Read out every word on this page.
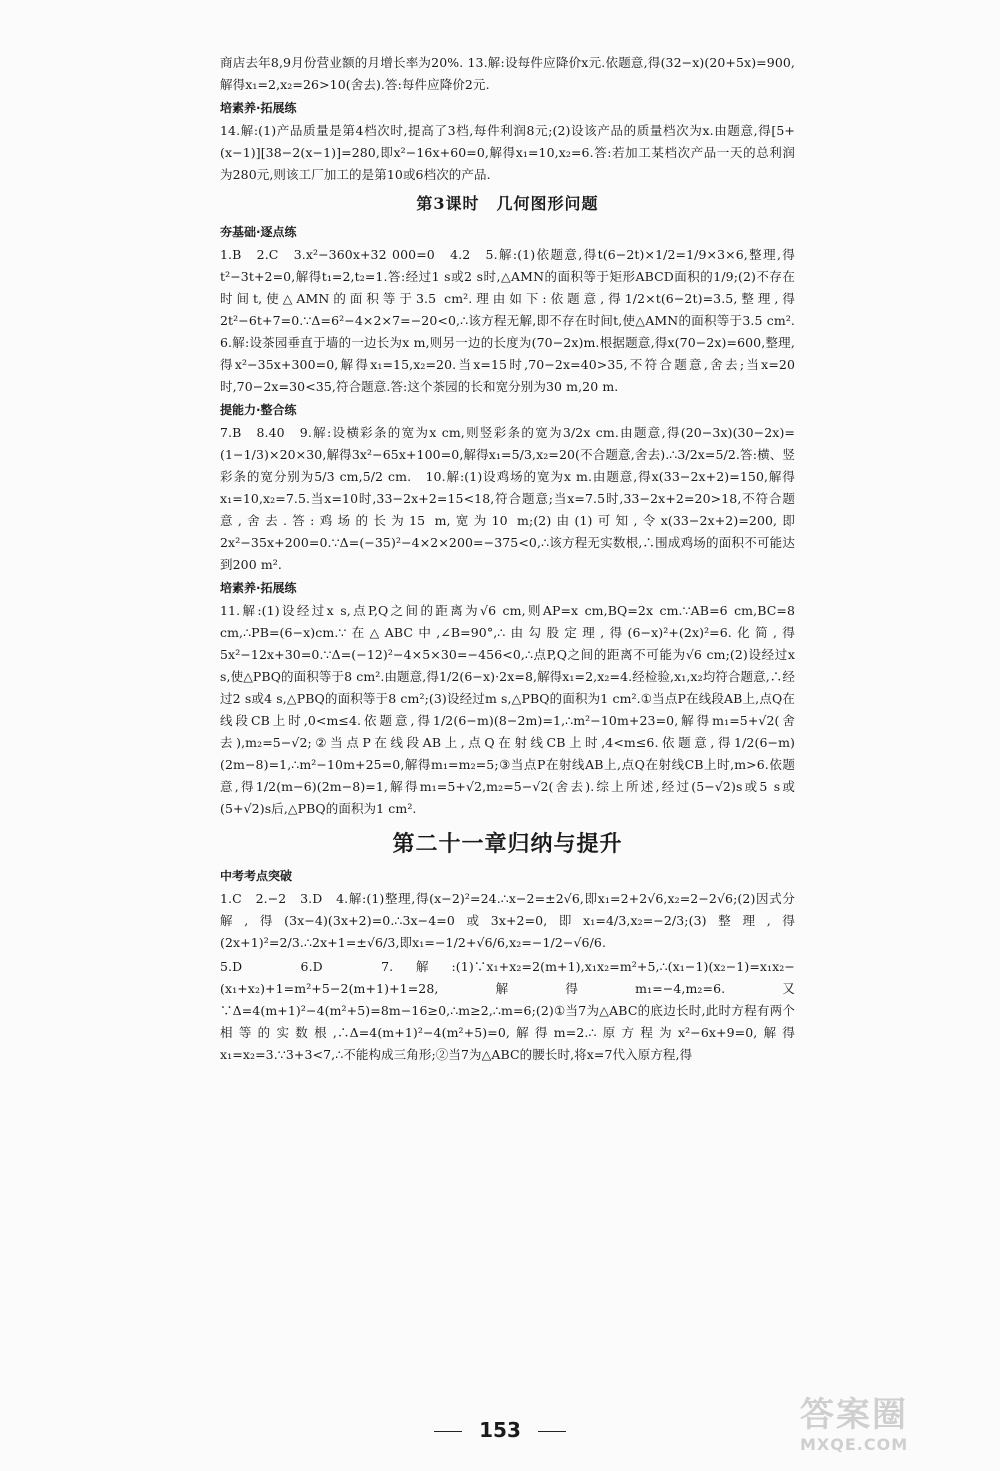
商店去年8,9月份营业额的月增长率为20%. 13.解:设每件应降价x元.依题意,得(32−x)(20+5x)=900,解得x₁=2,x₂=26>10(舍去).答:每件应降价2元.
培素养·拓展练
14.解:(1)产品质量是第4档次时,提高了3档,每件利润8元;(2)设该产品的质量档次为x.由题意,得[5+(x−1)][38−2(x−1)]=280,即x²−16x+60=0,解得x₁=10,x₂=6.答:若加工某档次产品一天的总利润为280元,则该工厂加工的是第10或6档次的产品.
第3课时　几何图形问题
夯基础·逐点练
1.B　2.C　3.x²−360x+32 000=0　4.2　5.解:(1)依题意,得t(6−2t)×1/2=1/9×3×6,整理,得t²−3t+2=0,解得t₁=2,t₂=1.答:经过1 s或2 s时,△AMN的面积等于矩形ABCD面积的1/9;(2)不存在时间t,使△AMN的面积等于3.5 cm².理由如下:依题意,得1/2×t(6−2t)=3.5,整理,得2t²−6t+7=0.∵Δ=6²−4×2×7=−20<0,∴该方程无解,即不存在时间t,使△AMN的面积等于3.5 cm².　6.解:设茶园垂直于墙的一边长为x m,则另一边的长度为(70−2x)m.根据题意,得x(70−2x)=600,整理,得x²−35x+300=0,解得x₁=15,x₂=20.当x=15时,70−2x=40>35,不符合题意,舍去;当x=20时,70−2x=30<35,符合题意.答:这个茶园的长和宽分别为30 m,20 m.
提能力·整合练
7.B　8.40　9.解:设横彩条的宽为x cm,则竖彩条的宽为3/2x cm.由题意,得(20−3x)(30−2x)=(1−1/3)×20×30,解得3x²−65x+100=0,解得x₁=5/3,x₂=20(不合题意,舍去).∴3/2x=5/2.答:横、竖彩条的宽分别为5/3 cm,5/2 cm.　10.解:(1)设鸡场的宽为x m.由题意,得x(33−2x+2)=150,解得x₁=10,x₂=7.5.当x=10时,33−2x+2=15<18,符合题意;当x=7.5时,33−2x+2=20>18,不符合题意,舍去.答:鸡场的长为15 m,宽为10 m;(2)由(1)可知,令x(33−2x+2)=200,即2x²−35x+200=0.∵Δ=(−35)²−4×2×200=−375<0,∴该方程无实数根,∴围成鸡场的面积不可能达到200 m².
培素养·拓展练
11.解:(1)设经过x s,点P,Q之间的距离为√6 cm,则AP=x cm,BQ=2x cm.∵AB=6 cm,BC=8 cm,∴PB=(6−x)cm.∵在△ABC中,∠B=90°,∴由勾股定理,得(6−x)²+(2x)²=6.化简,得5x²−12x+30=0.∵Δ=(−12)²−4×5×30=−456<0,∴点P,Q之间的距离不可能为√6 cm;(2)设经过x s,使△PBQ的面积等于8 cm².由题意,得1/2(6−x)·2x=8,解得x₁=2,x₂=4.经检验,x₁,x₂均符合题意,∴经过2 s或4 s,△PBQ的面积等于8 cm²;(3)设经过m s,△PBQ的面积为1 cm².①当点P在线段AB上,点Q在线段CB上时,0<m≤4.依题意,得1/2(6−m)(8−2m)=1,∴m²−10m+23=0,解得m₁=5+√2(舍去),m₂=5−√2;②当点P在线段AB上,点Q在射线CB上时,4<m≤6.依题意,得1/2(6−m)(2m−8)=1,∴m²−10m+25=0,解得m₁=m₂=5;③当点P在射线AB上,点Q在射线CB上时,m>6.依题意,得1/2(m−6)(2m−8)=1,解得m₁=5+√2,m₂=5−√2(舍去).综上所述,经过(5−√2)s或5 s或(5+√2)s后,△PBQ的面积为1 cm².
第二十一章归纳与提升
中考考点突破
1.C　2.−2　3.D　4.解:(1)整理,得(x−2)²=24.∴x−2=±2√6,即x₁=2+2√6,x₂=2−2√6;(2)因式分解,得(3x−4)(3x+2)=0.∴3x−4=0或3x+2=0,即x₁=4/3,x₂=−2/3;(3)整理,得(2x+1)²=2/3.∴2x+1=±√6/3,即x₁=−1/2+√6/6,x₂=−1/2−√6/6.
5.D　6.D　7.解:(1)∵x₁+x₂=2(m+1),x₁x₂=m²+5,∴(x₁−1)(x₂−1)=x₁x₂−(x₁+x₂)+1=m²+5−2(m+1)+1=28,解得m₁=−4,m₂=6.又∵Δ=4(m+1)²−4(m²+5)=8m−16≥0,∴m≥2,∴m=6;(2)①当7为△ABC的底边长时,此时方程有两个相等的实数根,∴Δ=4(m+1)²−4(m²+5)=0,解得m=2.∴原方程为x²−6x+9=0,解得x₁=x₂=3.∵3+3<7,∴不能构成三角形;②当7为△ABC的腰长时,将x=7代入原方程,得
153	答案圈
MXQE.COM
